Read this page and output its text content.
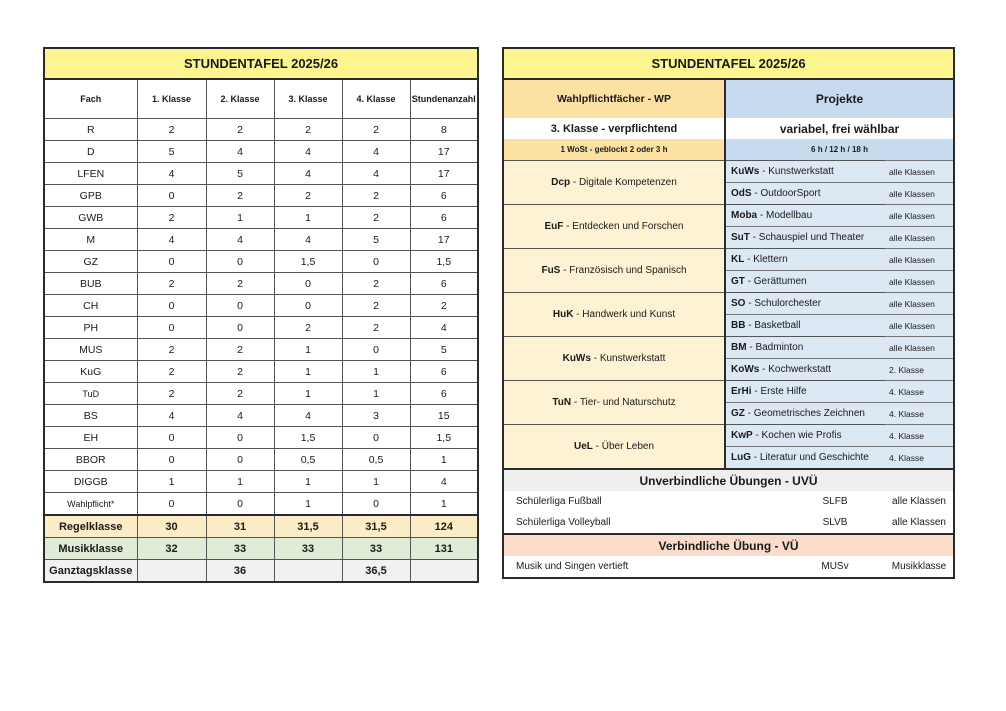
STUNDENTAFEL 2025/26					
Fach	1. Klasse	2. Klasse	3. Klasse	4. Klasse	Stundenanzahl
R	2	2	2	2	8
D	5	4	4	4	17
LFEN	4	5	4	4	17
GPB	0	2	2	2	6
GWB	2	1	1	2	6
M	4	4	4	5	17
GZ	0	0	1,5	0	1,5
BUB	2	2	0	2	6
CH	0	0	0	2	2
PH	0	0	2	2	4
MUS	2	2	1	0	5
KuG	2	2	1	1	6
TuD	2	2	1	1	6
BS	4	4	4	3	15
EH	0	0	1,5	0	1,5
BBOR	0	0	0,5	0,5	1
DIGGB	1	1	1	1	4
Wahlpflicht*	0	0	1	0	1
Regelklasse	30	31	31,5	31,5	124
Musikklasse	32	33	33	33	131
Ganztagsklasse		36		36,5	
STUNDENTAFEL 2025/26		
Wahlpflichtfächer - WP	Projekte	
3. Klasse - verpflichtend	variabel, frei wählbar	
1 WoSt - geblockt 2 oder 3 h	6 h / 12 h / 18 h	
Dcp - Digitale Kompetenzen	KuWs - Kunstwerkstatt	alle Klassen
	OdS - OutdoorSport	alle Klassen
EuF - Entdecken und Forschen	Moba - Modellbau	alle Klassen
	SuT - Schauspiel und Theater	alle Klassen
FuS - Französisch und Spanisch	KL - Klettern	alle Klassen
	GT - Gerättumen	alle Klassen
HuK - Handwerk und Kunst	SO - Schulorchester	alle Klassen
	BB - Basketball	alle Klassen
KuWs - Kunstwerkstatt	BM - Badminton	alle Klassen
	KoWs - Kochwerkstatt	2. Klasse
TuN - Tier- und Naturschutz	ErHi - Erste Hilfe	4. Klasse
	GZ - Geometrisches Zeichnen	4. Klasse
UeL - Über Leben	KwP - Kochen wie Profis	4. Klasse
	LuG - Literatur und Geschichte	4. Klasse
Unverbindliche Übungen - UVÜ		
Schülerliga Fußball	SLFB	alle Klassen
Schülerliga Volleyball	SLVB	alle Klassen
Verbindliche Übung - VÜ		
Musik und Singen vertieft	MUSv	Musikklasse
